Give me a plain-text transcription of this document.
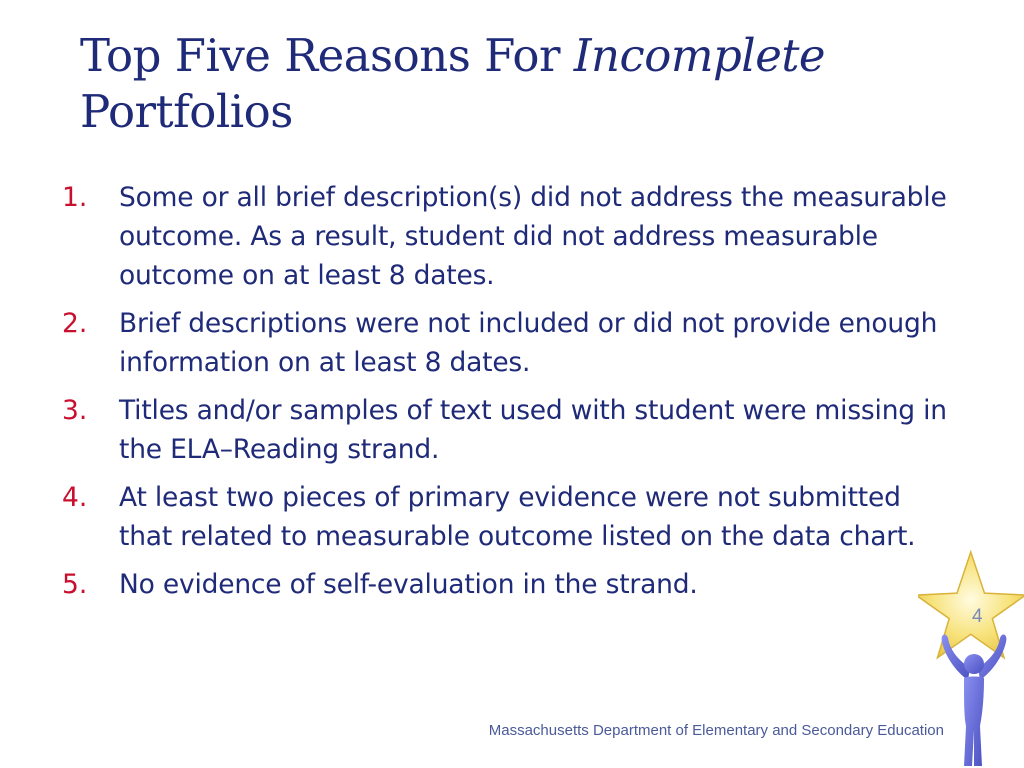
Top Five Reasons For Incomplete
Portfolios
1.	Some or all brief description(s) did not address the measurable outcome. As a result, student did not address measurable outcome on at least 8 dates.
2.	Brief descriptions were not included or did not provide enough information on at least 8 dates.
3.	Titles and/or samples of text used with student were missing in the ELA–Reading strand.
4.	At least two pieces of primary evidence were not submitted that related to measurable outcome listed on the data chart.
5.	No evidence of self-evaluation in the strand.
Massachusetts Department of Elementary and Secondary Education
4
